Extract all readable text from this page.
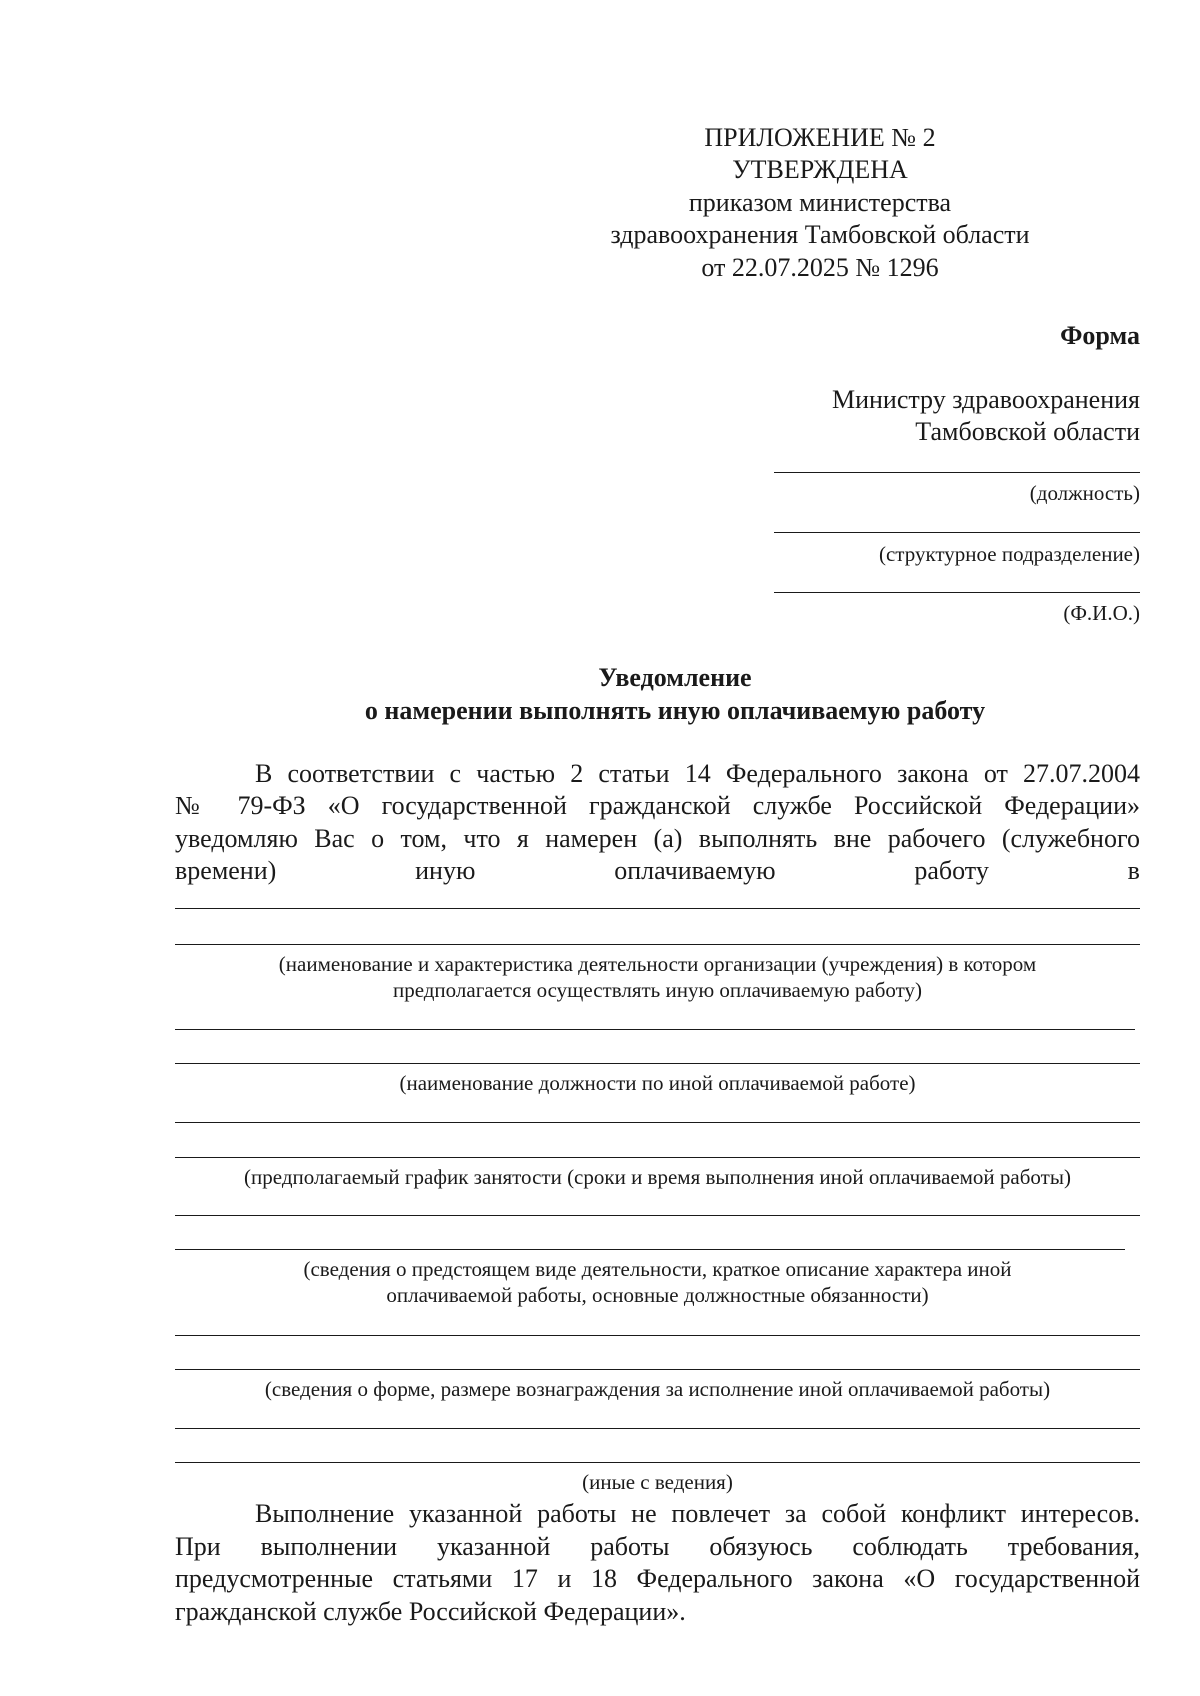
ПРИЛОЖЕНИЕ № 2
УТВЕРЖДЕНА
приказом министерства
здравоохранения Тамбовской области
от 22.07.2025 № 1296
Форма
Министру здравоохранения
Тамбовской области
(должность)
(структурное подразделение)
(Ф.И.О.)
Уведомление
о намерении выполнять иную оплачиваемую работу
В соответствии с частью 2 статьи 14 Федерального закона от 27.07.2004
№ 79-ФЗ «О государственной гражданской службе Российской Федерации»
уведомляю Вас о том, что я намерен (а) выполнять вне рабочего (служебного
времени)	иную	оплачиваемую	работу	в
(наименование и характеристика деятельности организации (учреждения) в котором
предполагается осуществлять иную оплачиваемую работу)
(наименование должности по иной оплачиваемой работе)
(предполагаемый график занятости (сроки и время выполнения иной оплачиваемой работы)
(сведения о предстоящем виде деятельности, краткое описание характера иной
оплачиваемой работы, основные должностные обязанности)
(сведения о форме, размере вознаграждения за исполнение иной оплачиваемой работы)
(иные с ведения)
Выполнение указанной работы не повлечет за собой конфликт интересов.
При выполнении указанной работы обязуюсь соблюдать требования,
предусмотренные статьями 17 и 18 Федерального закона «О государственной
гражданской службе Российской Федерации».
